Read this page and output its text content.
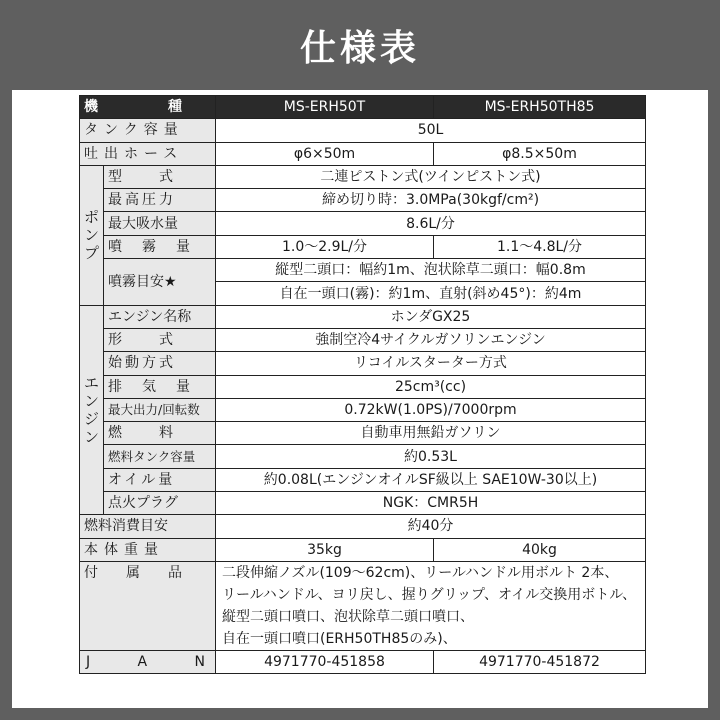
仕様表
機　　種		MS-ERH50T	MS-ERH50TH85
タンク容量		50L	
吐出ホース		φ6×50m	φ8.5×50m

ポ
ン
プ	型　　式	二連ピストン式(ツインピストン式)	
	最高圧力	締め切り時：3.0MPa(30kgf/cm²)	
	最大吸水量	8.6L/分	
	噴　霧　量	1.0〜2.9L/分	1.1〜4.8L/分
	噴霧目安★	縦型二頭口：幅約1m、泡状除草二頭口：幅0.8m	
		自在一頭口(霧)：約1m、直射(斜め45°)：約4m	

エ
ン
ジ
ン	エンジン名称	ホンダGX25	
	形　　式	強制空冷4サイクルガソリンエンジン	
	始動方式	リコイルスターター方式	
	排　気　量	25cm³(cc)	
	最大出力/回転数	0.72kW(1.0PS)/7000rpm	
	燃　　料	自動車用無鉛ガソリン	
	燃料タンク容量	約0.53L	
	オイル量	約0.08L(エンジンオイルSF級以上 SAE10W-30以上)	
	点火プラグ	NGK：CMR5H	
燃料消費目安		約40分	
本体重量		35kg	40kg
付　　属　　品		二段伸縮ノズル(109〜62cm)、リールハンドル用ボルト 2本、
リールハンドル、ヨリ戻し、握りグリップ、オイル交換用ボトル、
縦型二頭口噴口、泡状除草二頭口噴口、
自在一頭口噴口(ERH50TH85のみ)、	

J A N		4971770-451858	4971770-451872
